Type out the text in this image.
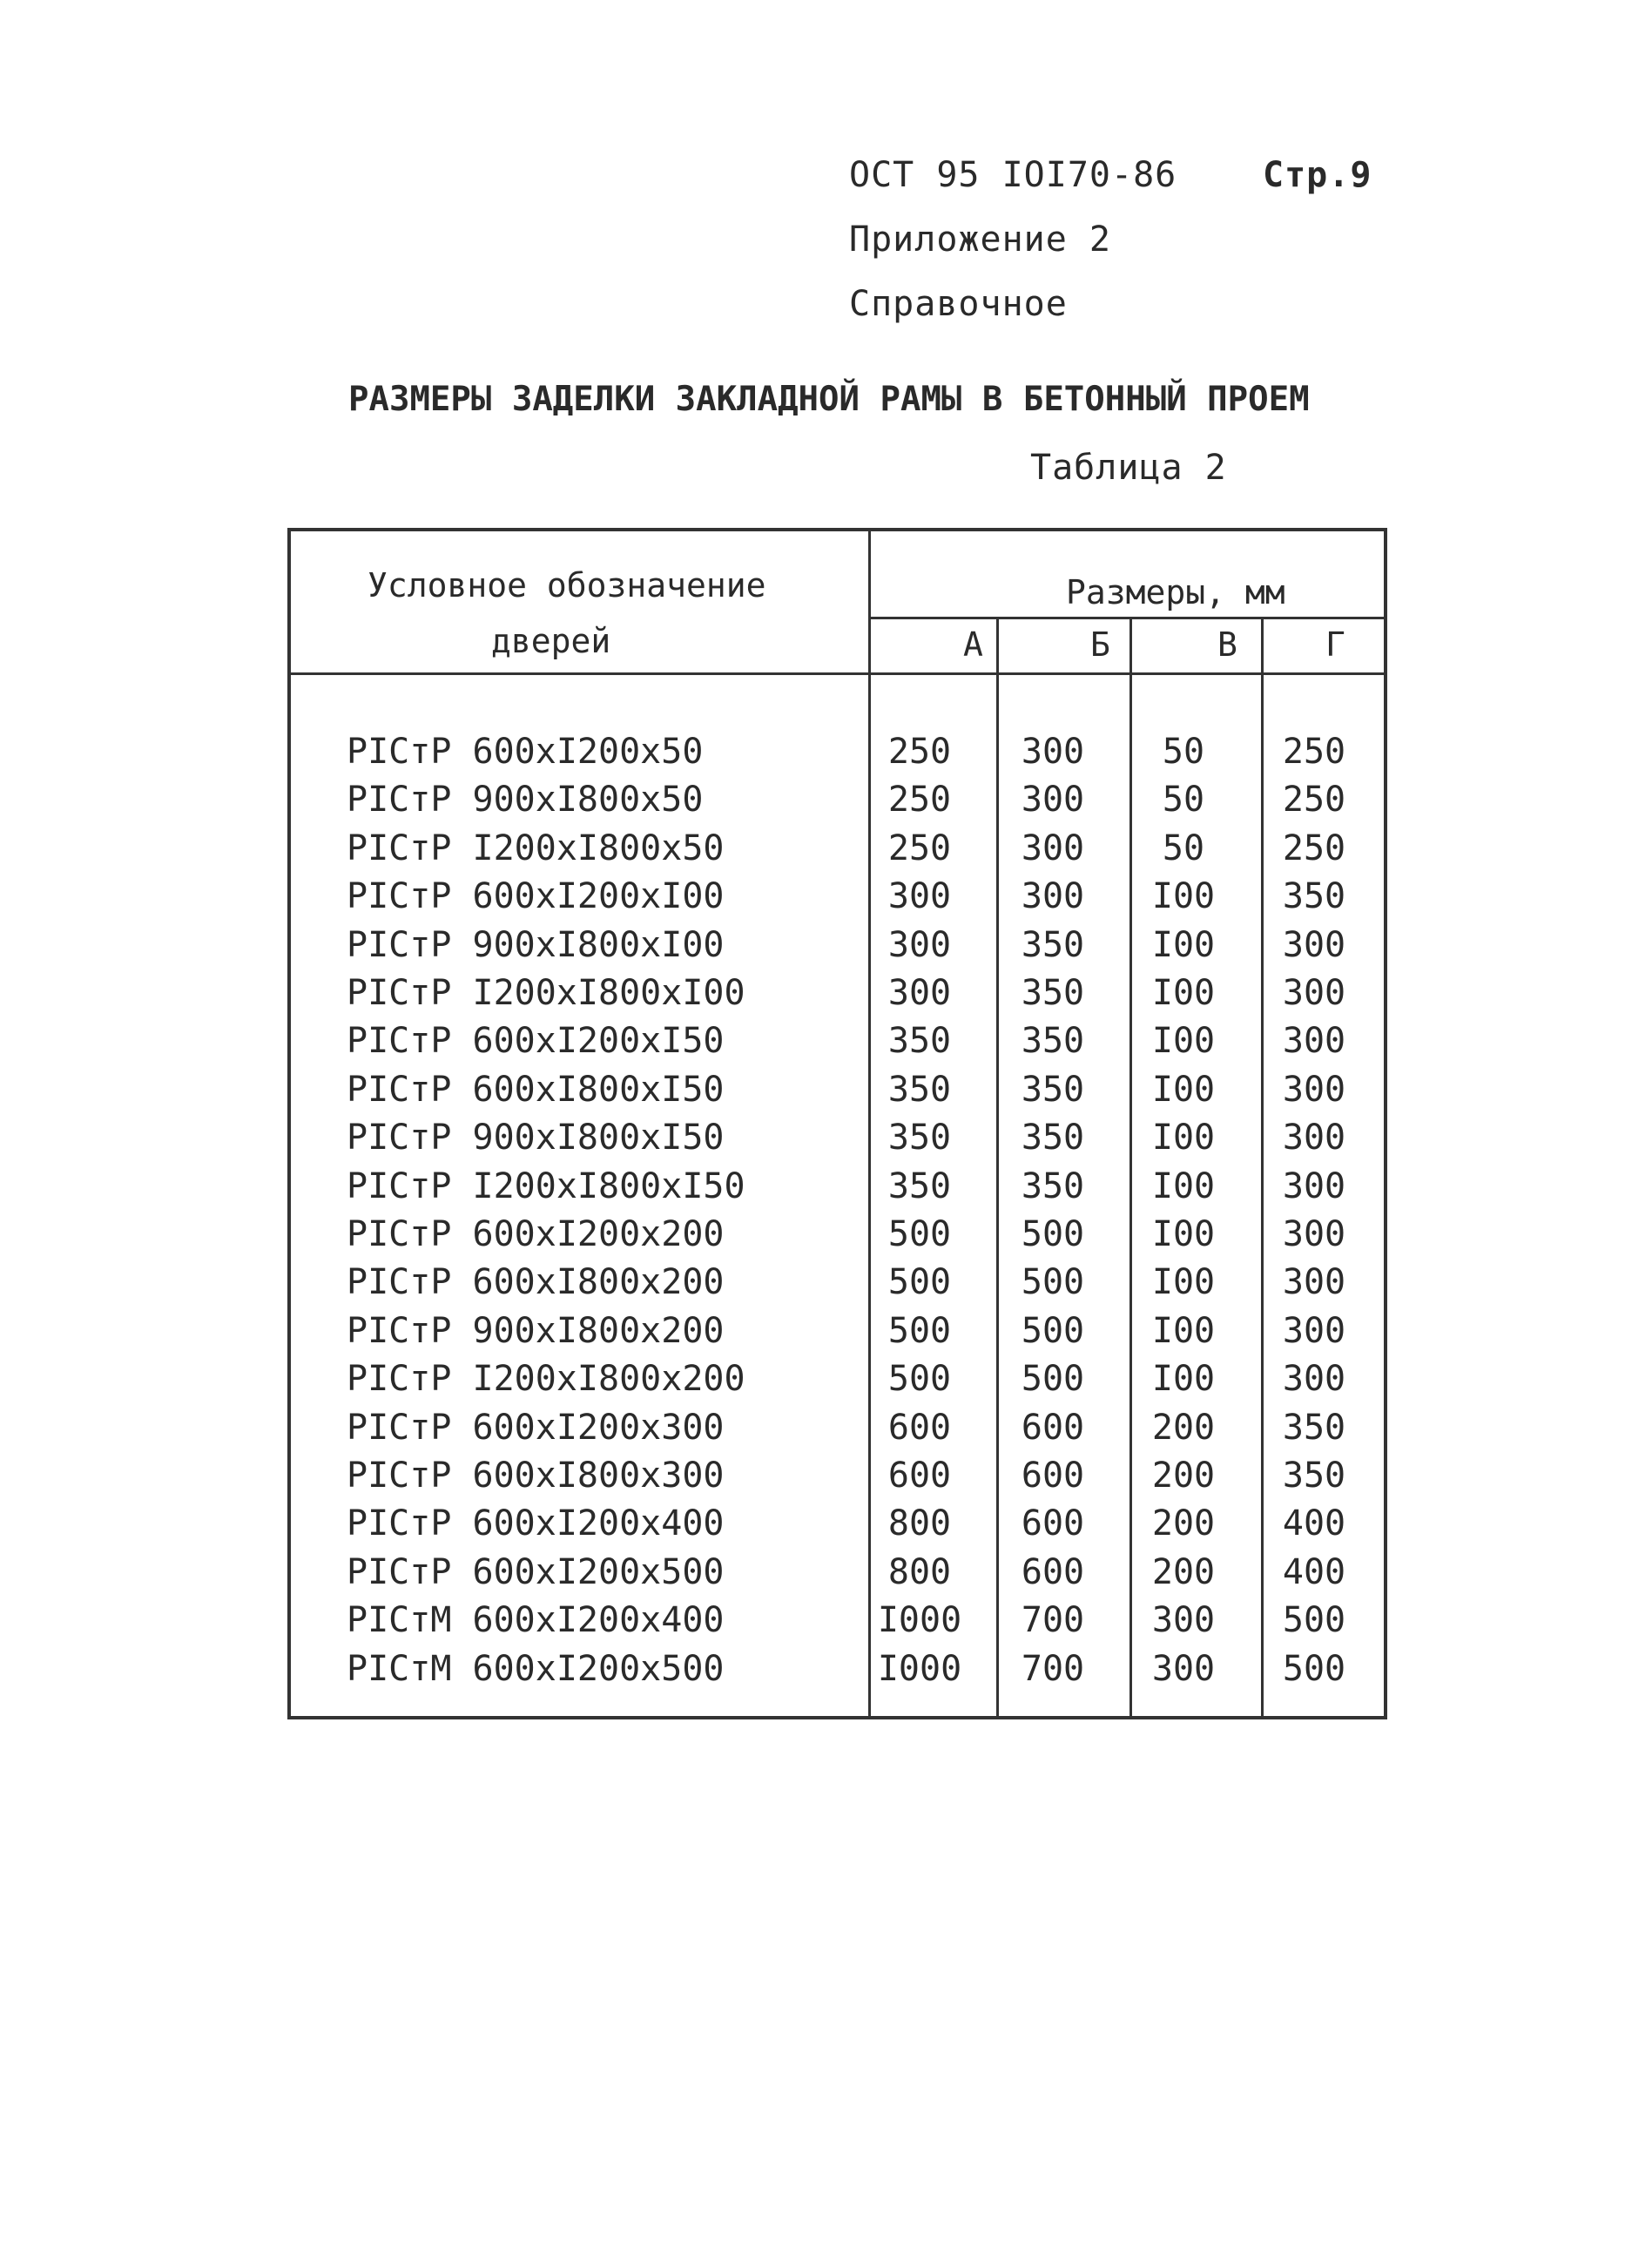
ОСТ 95 IOI70-86 Стр.9
Приложение 2
Справочное
РАЗМЕРЫ ЗАДЕЛКИ ЗАКЛАДНОЙ РАМЫ В БЕТОННЫЙ ПРОЕМ
Таблица 2
Условное обозначение
дверей
Размеры, мм
А	Б	В	Г
PICтP 600xI200x50	250	300	50	250
PICтP 900xI800x50	250	300	50	250
PICтP I200xI800x50	250	300	50	250
PICтP 600xI200xI00	300	300	I00	350
PICтP 900xI800xI00	300	350	I00	300
PICтP I200xI800xI00	300	350	I00	300
PICтP 600xI200xI50	350	350	I00	300
PICтP 600xI800xI50	350	350	I00	300
PICтP 900xI800xI50	350	350	I00	300
PICтP I200xI800xI50	350	350	I00	300
PICтP 600xI200x200	500	500	I00	300
PICтP 600xI800x200	500	500	I00	300
PICтP 900xI800x200	500	500	I00	300
PICтP I200xI800x200	500	500	I00	300
PICтP 600xI200x300	600	600	200	350
PICтP 600xI800x300	600	600	200	350
PICтP 600xI200x400	800	600	200	400
PICтP 600xI200x500	800	600	200	400
PICтM 600xI200x400	I000	700	300	500
PICтM 600xI200x500	I000	700	300	500
